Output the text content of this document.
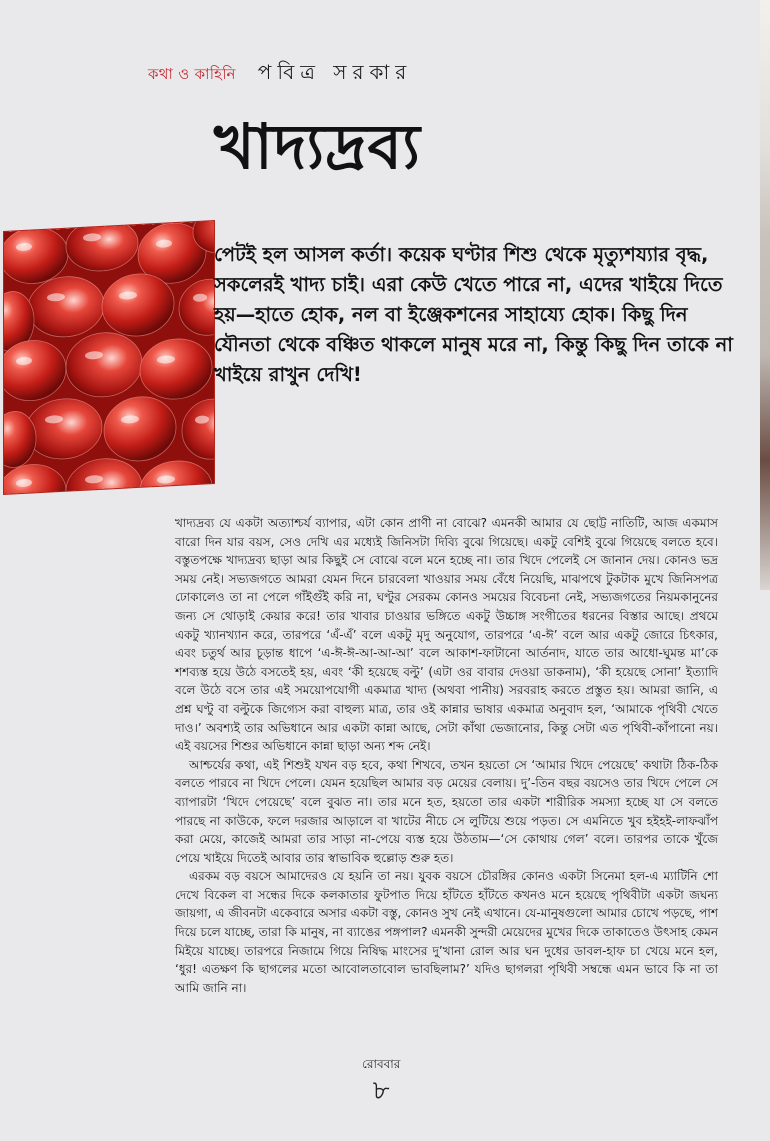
কথা ও কাহিনি পবিত্র সরকার
খাদ্যদ্রব্য

পেটই হল আসল কর্তা। কয়েক ঘণ্টার শিশু থেকে মৃত্যুশয্যার বৃদ্ধ, সকলেরই খাদ্য চাই। এরা কেউ খেতে পারে না, এদের খাইয়ে দিতে হয়—হাতে হোক, নল বা ইঞ্জেকশনের সাহায্যে হোক। কিছু দিন যৌনতা থেকে বঞ্চিত থাকলে মানুষ মরে না, কিন্তু কিছু দিন তাকে না খাইয়ে রাখুন দেখি!

খাদ্যদ্রব্য যে একটা অত্যাশ্চর্য ব্যাপার, এটা কোন প্রাণী না বোঝে? এমনকী আমার যে ছোট্ট নাতিটি, আজ একমাস বারো দিন যার বয়স, সেও দেখি এর মধ্যেই জিনিসটা দিব্যি বুঝে গিয়েছে। একটু বেশিই বুঝে গিয়েছে বলতে হবে। বস্তুতপক্ষে খাদ্যদ্রব্য ছাড়া আর কিছুই সে বোঝে বলে মনে হচ্ছে না। তার খিদে পেলেই সে জানান দেয়। কোনও ভদ্র সময় নেই। সভ্যজগতে আমরা যেমন দিনে চারবেলা খাওয়ার সময় বেঁধে নিয়েছি, মাঝপথে টুকটাক মুখে জিনিসপত্র ঢোকালেও তা না পেলে গাঁইগুঁই করি না, ঘণ্টুর সেরকম কোনও সময়ের বিবেচনা নেই, সভ্যজগতের নিয়মকানুনের জন্য সে থোড়াই কেয়ার করে! তার খাবার চাওয়ার ভঙ্গিতে একটু উচ্চাঙ্গ সংগীতের ধরনের বিস্তার আছে। প্রথমে একটু খ্যানখ্যান করে, তারপরে ‘এঁ-এঁ’ বলে একটু মৃদু অনুযোগ, তারপরে ‘এ-ঈ’ বলে আর একটু জোরে চিৎকার, এবং চতুর্থ আর চূড়ান্ত ধাপে ‘এ-ঈ-ঈ-আ-আ-আ’ বলে আকাশ-ফাটানো আর্তনাদ, যাতে তার আধো-ঘুমন্ত মা’কে শশব্যস্ত হয়ে উঠে বসতেই হয়, এবং ‘কী হয়েছে বল্টু’ (এটা ওর বাবার দেওয়া ডাকনাম), ‘কী হয়েছে সোনা’ ইত্যাদি বলে উঠে বসে তার এই সময়োপযোগী একমাত্র খাদ্য (অথবা পানীয়) সরবরাহ করতে প্রস্তুত হয়। আমরা জানি, এ প্রশ্ন ঘণ্টু বা বল্টুকে জিগ্যেস করা বাহুল্য মাত্র, তার ওই কান্নার ভাষার একমাত্র অনুবাদ হল, ‘আমাকে পৃথিবী খেতে দাও।’ অবশ্যই তার অভিধানে আর একটা কান্না আছে, সেটা কাঁথা ভেজানোর, কিন্তু সেটা এত পৃথিবী-কাঁপানো নয়। এই বয়সের শিশুর অভিধানে কান্না ছাড়া অন্য শব্দ নেই।

আশ্চর্যের কথা, এই শিশুই যখন বড় হবে, কথা শিখবে, তখন হয়তো সে ‘আমার খিদে পেয়েছে’ কথাটা ঠিক-ঠিক বলতে পারবে না খিদে পেলে। যেমন হয়েছিল আমার বড় মেয়ের বেলায়। দু’-তিন বছর বয়সেও তার খিদে পেলে সে ব্যাপারটা ‘খিদে পেয়েছে’ বলে বুঝত না। তার মনে হত, হয়তো তার একটা শারীরিক সমস্যা হচ্ছে যা সে বলতে পারছে না কাউকে, ফলে দরজার আড়ালে বা খাটের নীচে সে লুটিয়ে শুয়ে পড়ত। সে এমনিতে খুব হইহই-লাফঝাঁপ করা মেয়ে, কাজেই আমরা তার সাড়া না-পেয়ে ব্যস্ত হয়ে উঠতাম—‘সে কোথায় গেল’ বলে। তারপর তাকে খুঁজে পেয়ে খাইয়ে দিতেই আবার তার স্বাভাবিক হুল্লোড় শুরু হত।

এরকম বড় বয়সে আমাদেরও যে হয়নি তা নয়। যুবক বয়সে চৌরঙ্গির কোনও একটা সিনেমা হল-এ ম্যাটিনি শো দেখে বিকেল বা সন্ধের দিকে কলকাতার ফুটপাত দিয়ে হাঁটতে হাঁটতে কখনও মনে হয়েছে পৃথিবীটা একটা জঘন্য জায়গা, এ জীবনটা একেবারে অসার একটা বস্তু, কোনও সুখ নেই এখানে। যে-মানুষগুলো আমার চোখে পড়ছে, পাশ দিয়ে চলে যাচ্ছে, তারা কি মানুষ, না ব্যাঙের পঙ্গপাল? এমনকী সুন্দরী মেয়েদের মুখের দিকে তাকাতেও উৎসাহ কেমন মিইয়ে যাচ্ছে। তারপরে নিজামে গিয়ে নিষিদ্ধ মাংসের দু’খানা রোল আর ঘন দুধের ডাবল-হাফ চা খেয়ে মনে হল, ‘ধুর! এতক্ষণ কি ছাগলের মতো আবোলতাবোল ভাবছিলাম?’ যদিও ছাগলরা পৃথিবী সম্বন্ধে এমন ভাবে কি না তা আমি জানি না।

রোববার
৮
